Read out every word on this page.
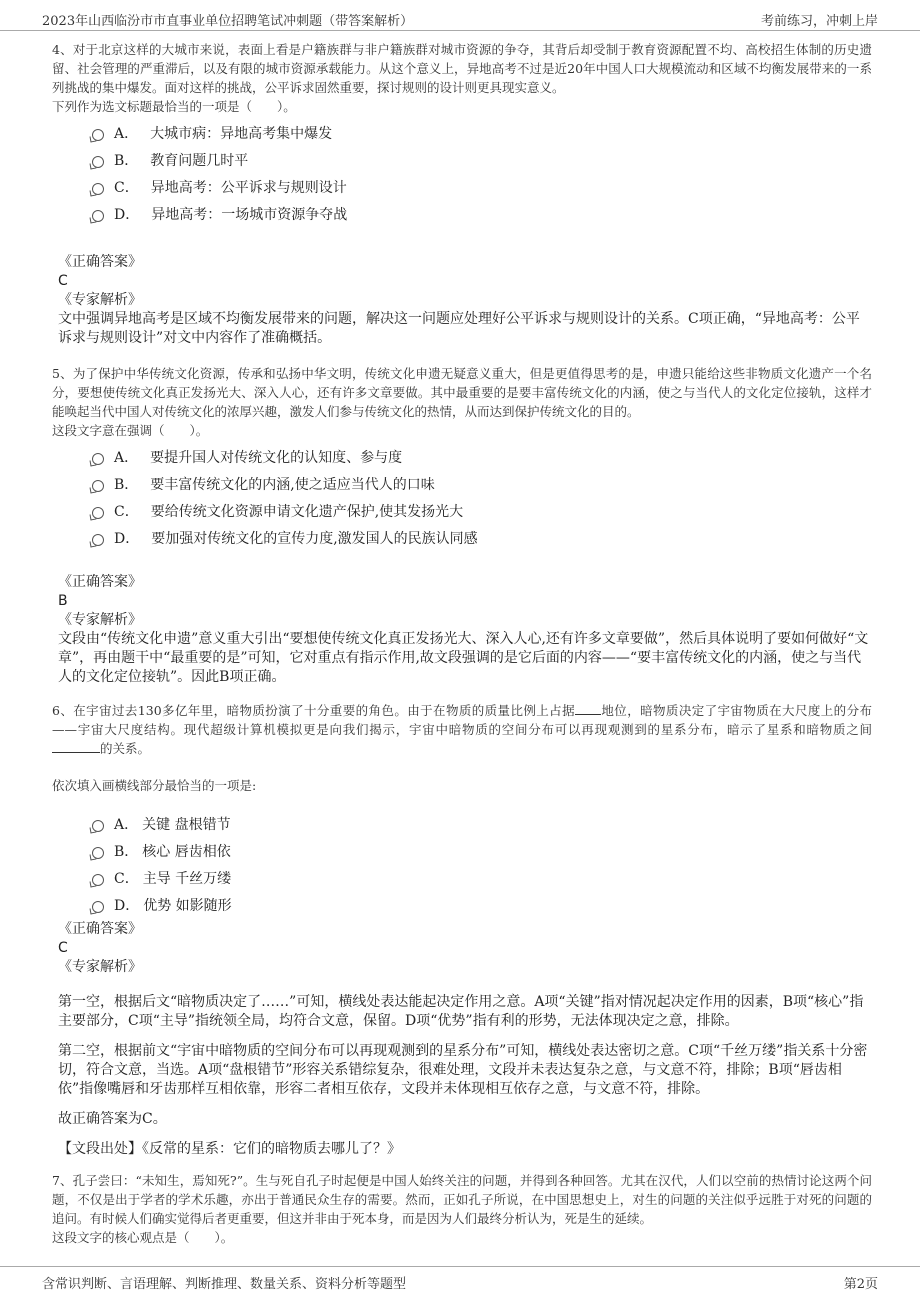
2023年山西临汾市市直事业单位招聘笔试冲刺题（带答案解析）	考前练习，冲刺上岸

4、对于北京这样的大城市来说，表面上看是户籍族群与非户籍族群对城市资源的争夺，其背后却受制于教育资源配置不均、高校招生体制的历史遗留、社会管理的严重滞后，以及有限的城市资源承载能力。从这个意义上，异地高考不过是近20年中国人口大规模流动和区域不均衡发展带来的一系列挑战的集中爆发。面对这样的挑战，公平诉求固然重要，探讨规则的设计则更具现实意义。

下列作为选文标题最恰当的一项是（　　）。

A． 大城市病：异地高考集中爆发
B． 教育问题几时平
C． 异地高考：公平诉求与规则设计
D． 异地高考：一场城市资源争夺战

《正确答案》

C

《专家解析》

文中强调异地高考是区域不均衡发展带来的问题，解决这一问题应处理好公平诉求与规则设计的关系。C项正确，“异地高考：公平诉求与规则设计”对文中内容作了准确概括。

5、为了保护中华传统文化资源，传承和弘扬中华文明，传统文化申遗无疑意义重大，但是更值得思考的是，申遗只能给这些非物质文化遗产一个名分，要想使传统文化真正发扬光大、深入人心，还有许多文章要做。其中最重要的是要丰富传统文化的内涵，使之与当代人的文化定位接轨，这样才能唤起当代中国人对传统文化的浓厚兴趣，激发人们参与传统文化的热情，从而达到保护传统文化的目的。

这段文字意在强调（　　）。

A． 要提升国人对传统文化的认知度、参与度
B． 要丰富传统文化的内涵,使之适应当代人的口味
C． 要给传统文化资源申请文化遗产保护,使其发扬光大
D． 要加强对传统文化的宣传力度,激发国人的民族认同感

《正确答案》

B

《专家解析》

文段由“传统文化申遗”意义重大引出“要想使传统文化真正发扬光大、深入人心,还有许多文章要做”，然后具体说明了要如何做好“文章”，再由题干中“最重要的是”可知，它对重点有指示作用,故文段强调的是它后面的内容——“要丰富传统文化的内涵，使之与当代人的文化定位接轨”。因此B项正确。

6、在宇宙过去130多亿年里，暗物质扮演了十分重要的角色。由于在物质的质量比例上占据 地位，暗物质决定了宇宙物质在大尺度上的分布——宇宙大尺度结构。现代超级计算机模拟更是向我们揭示，宇宙中暗物质的空间分布可以再现观测到的星系分布，暗示了星系和暗物质之间的关系。

依次填入画横线部分最恰当的一项是:

A． 关键 盘根错节
B． 核心 唇齿相依
C． 主导 千丝万缕
D． 优势 如影随形

《正确答案》

C

《专家解析》

第一空，根据后文“暗物质决定了……”可知，横线处表达能起决定作用之意。A项“关键”指对情况起决定作用的因素，B项“核心”指主要部分，C项“主导”指统领全局，均符合文意，保留。D项“优势”指有利的形势，无法体现决定之意，排除。

第二空，根据前文“宇宙中暗物质的空间分布可以再现观测到的星系分布”可知，横线处表达密切之意。C项“千丝万缕”指关系十分密切，符合文意，当选。A项“盘根错节”形容关系错综复杂，很难处理，文段并未表达复杂之意，与文意不符，排除；B项“唇齿相依”指像嘴唇和牙齿那样互相依靠，形容二者相互依存，文段并未体现相互依存之意，与文意不符，排除。

故正确答案为C。

【文段出处】《反常的星系：它们的暗物质去哪儿了？》

7、孔子尝曰：“未知生，焉知死?”。生与死自孔子时起便是中国人始终关注的问题，并得到各种回答。尤其在汉代，人们以空前的热情讨论这两个问题，不仅是出于学者的学术乐趣，亦出于普通民众生存的需要。然而，正如孔子所说，在中国思想史上，对生的问题的关注似乎远胜于对死的问题的追问。有时候人们确实觉得后者更重要，但这并非由于死本身，而是因为人们最终分析认为，死是生的延续。

这段文字的核心观点是（　　）。

含常识判断、言语理解、判断推理、数量关系、资料分析等题型	第2页
